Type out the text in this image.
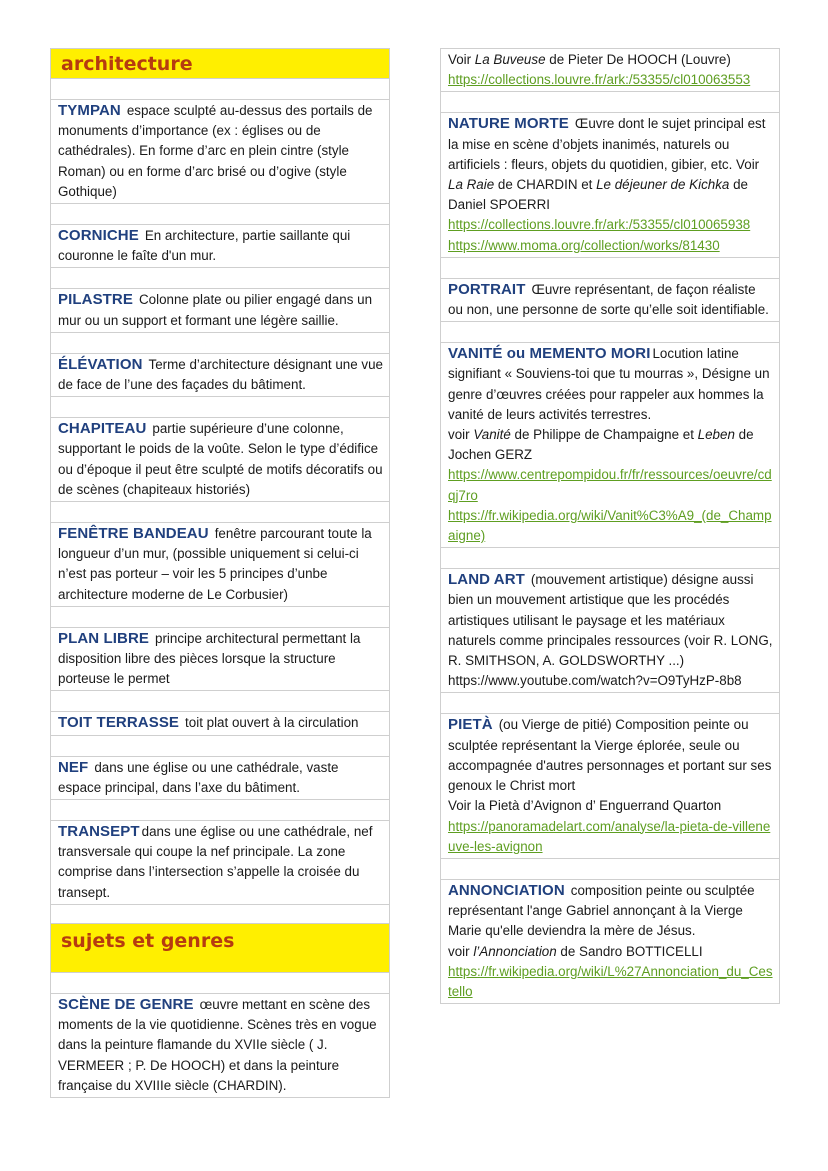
architecture
TYMPAN espace sculpté au-dessus des portails de monuments d’importance (ex : églises ou de cathédrales). En forme d’arc en plein cintre (style Roman) ou en forme d’arc brisé ou d’ogive (style Gothique)
CORNICHE En architecture, partie saillante qui couronne le faîte d'un mur.
PILASTRE Colonne plate ou pilier engagé dans un mur ou un support et formant une légère saillie.
ÉLÉVATION Terme d’architecture désignant une vue de face de l’une des façades du bâtiment.
CHAPITEAU partie supérieure d’une colonne, supportant le poids de la voûte. Selon le type d’édifice ou d’époque il peut être sculpté de motifs décoratifs ou de scènes (chapiteaux historiés)
FENÊTRE BANDEAU fenêtre parcourant toute la longueur d’un mur, (possible uniquement si celui-ci n’est pas porteur – voir les 5 principes d’unbe architecture moderne de Le Corbusier)
PLAN LIBRE principe architectural permettant la disposition libre des pièces lorsque la structure porteuse le permet
TOIT TERRASSE toit plat ouvert à la circulation
NEF dans une église ou une cathédrale, vaste espace principal, dans l’axe du bâtiment.
TRANSEPT dans une église ou une cathédrale, nef transversale qui coupe la nef principale. La zone comprise dans l’intersection s’appelle la croisée du transept.
sujets et genres
SCÈNE DE GENRE œuvre mettant en scène des moments de la vie quotidienne. Scènes très en vogue dans la peinture flamande du XVIIe siècle ( J. VERMEER ; P. De HOOCH) et dans la peinture française du XVIIIe siècle (CHARDIN).
Voir La Buveuse de Pieter De HOOCH (Louvre)
https://collections.louvre.fr/ark:/53355/cl010063553
NATURE MORTE Œuvre dont le sujet principal est la mise en scène d’objets inanimés, naturels ou artificiels : fleurs, objets du quotidien, gibier, etc. Voir La Raie de CHARDIN et Le déjeuner de Kichka de Daniel SPOERRI
https://collections.louvre.fr/ark:/53355/cl010065938
https://www.moma.org/collection/works/81430
PORTRAIT Œuvre représentant, de façon réaliste ou non, une personne de sorte qu’elle soit identifiable.
VANITÉ ou MEMENTO MORI Locution latine signifiant « Souviens-toi que tu mourras », Désigne un genre d’œuvres créées pour rappeler aux hommes la vanité de leurs activités terrestres.
voir Vanité de Philippe de Champaigne et Leben de Jochen GERZ
https://www.centrepompidou.fr/fr/ressources/oeuvre/cdqj7ro
https://fr.wikipedia.org/wiki/Vanit%C3%A9_(de_Champaigne)
LAND ART (mouvement artistique) désigne aussi bien un mouvement artistique que les procédés artistiques utilisant le paysage et les matériaux naturels comme principales ressources (voir R. LONG, R. SMITHSON, A. GOLDSWORTHY ...)
https://www.youtube.com/watch?v=O9TyHzP-8b8
PIETÀ (ou Vierge de pitié) Composition peinte ou sculptée représentant la Vierge éplorée, seule ou accompagnée d'autres personnages et portant sur ses genoux le Christ mort
Voir la Pietà d’Avignon d’ Enguerrand Quarton
https://panoramadelart.com/analyse/la-pieta-de-villeneuve-les-avignon
ANNONCIATION composition peinte ou sculptée représentant l'ange Gabriel annonçant à la Vierge Marie qu'elle deviendra la mère de Jésus.
voir l’Annonciation de Sandro BOTTICELLI
https://fr.wikipedia.org/wiki/L%27Annonciation_du_Cestello
